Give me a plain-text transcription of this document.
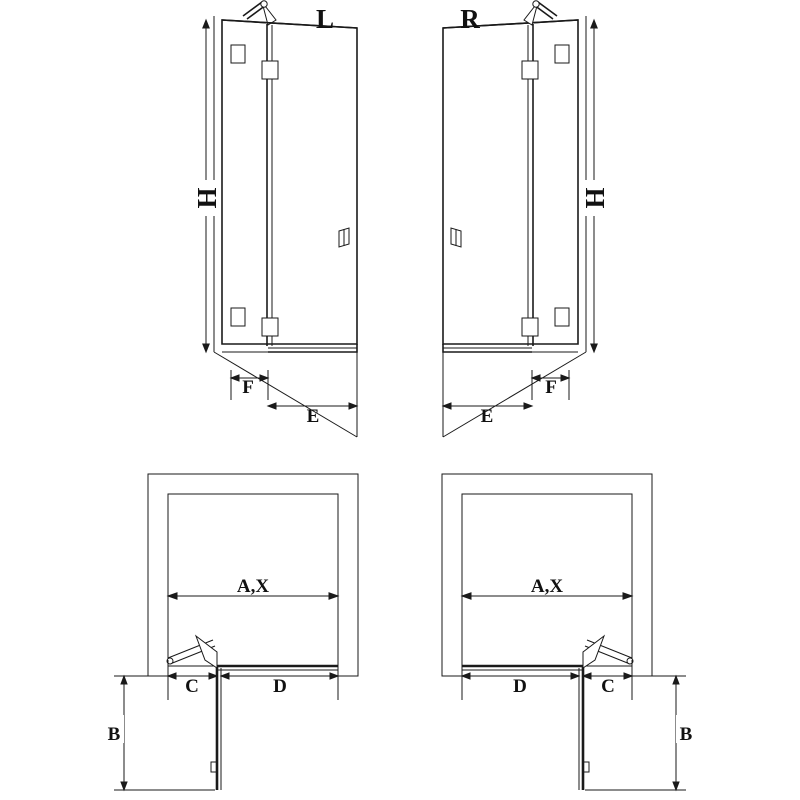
H
F
E
L
H
E
F
R
A,X
C	D
B
A,X
D	C
B
